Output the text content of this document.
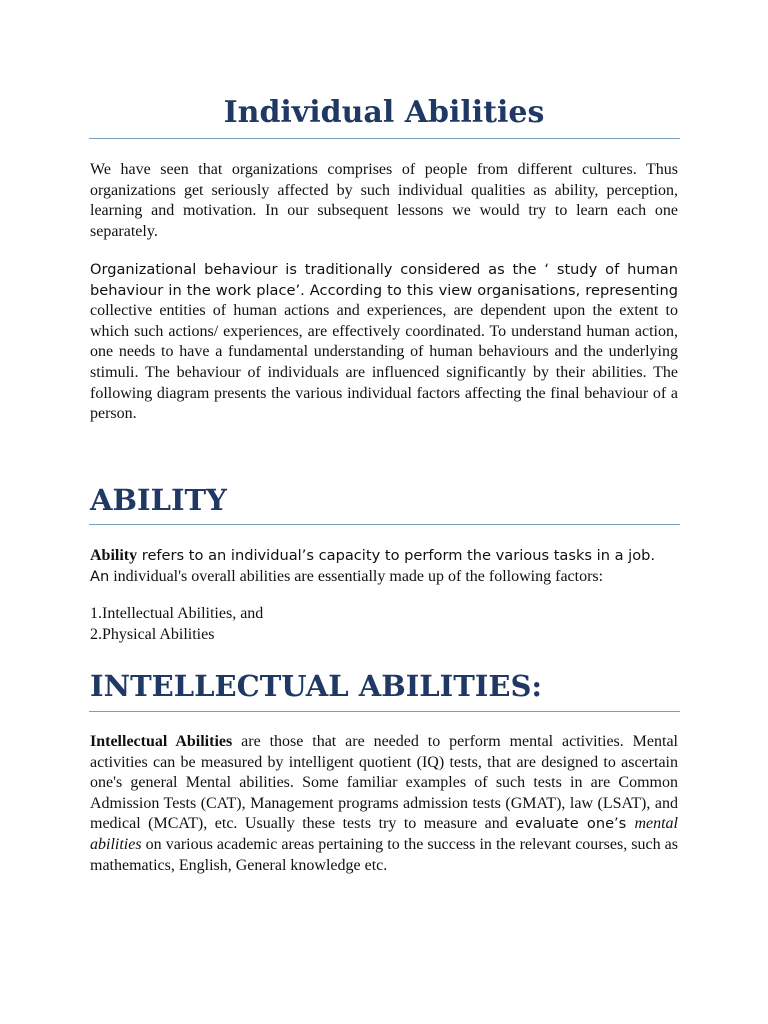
Individual Abilities

We have seen that organizations comprises of people from different cultures. Thus organizations get seriously affected by such individual qualities as ability, perception, learning and motivation. In our subsequent lessons we would try to learn each one separately.

Organizational behaviour is traditionally considered as the ‘ study of human behaviour in the work place’. According to this view organisations, representing collective entities of human actions and experiences, are dependent upon the extent to which such actions/ experiences, are effectively coordinated. To understand human action, one needs to have a fundamental understanding of human behaviours and the underlying stimuli. The behaviour of individuals are influenced significantly by their abilities. The following diagram presents the various individual factors affecting the final behaviour of a person.

ABILITY

Ability refers to an individual’s capacity to perform the various tasks in a job. An individual's overall abilities are essentially made up of the following factors:

1.Intellectual Abilities, and
2.Physical Abilities
INTELLECTUAL ABILITIES:

Intellectual Abilities are those that are needed to perform mental activities. Mental activities can be measured by intelligent quotient (IQ) tests, that are designed to ascertain one's general Mental abilities. Some familiar examples of such tests in are Common Admission Tests (CAT), Management programs admission tests (GMAT), law (LSAT), and medical (MCAT), etc. Usually these tests try to measure and evaluate one’s mental abilities on various academic areas pertaining to the success in the relevant courses, such as mathematics, English, General knowledge etc.
